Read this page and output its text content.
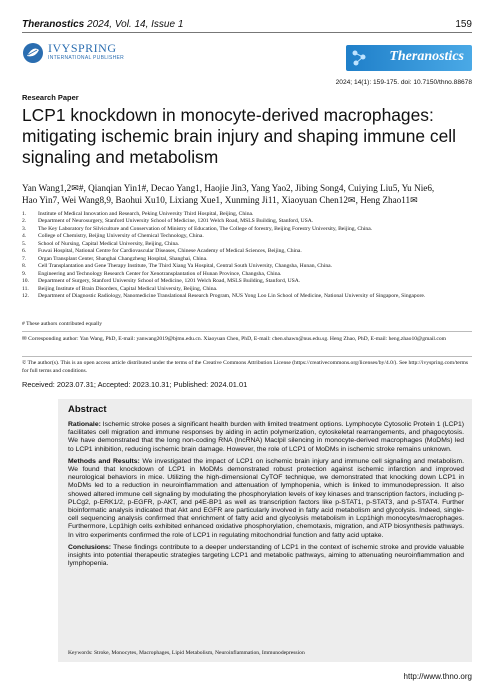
Theranostics 2024, Vol. 14, Issue 1	159
IVYSPRING
INTERNATIONAL PUBLISHER	Theranostics
2024; 14(1): 159-175. doi: 10.7150/thno.88678
Research Paper
LCP1 knockdown in monocyte-derived macrophages: mitigating ischemic brain injury and shaping immune cell signaling and metabolism
Yan Wang1,2✉#, Qianqian Yin1#, Decao Yang1, Haojie Jin3, Yang Yao2, Jibing Song4, Cuiying Liu5, Yu Nie6,
Hao Yin7, Wei Wang8,9, Baohui Xu10, Lixiang Xue1, Xunming Ji11, Xiaoyuan Chen12✉, Heng Zhao11✉
1.	Institute of Medical Innovation and Research, Peking University Third Hospital, Beijing, China.
2.	Department of Neurosurgery, Stanford University School of Medicine, 1201 Welch Road, MSLS Building, Stanford, USA.
3.	The Key Laboratory for Silviculture and Conservation of Ministry of Education, The College of forestry, Beijing Forestry University, Beijing, China.
4.	College of Chemistry, Beijing University of Chemical Technology, China.
5.	School of Nursing, Capital Medical University, Beijing, China.
6.	Fuwai Hospital, National Centre for Cardiovascular Diseases, Chinese Academy of Medical Sciences, Beijing, China.
7.	Organ Transplant Center, Shanghai Changzheng Hospital, Shanghai, China.
8.	Cell Transplantation and Gene Therapy Institute, The Third Xiang Ya Hospital, Central South University, Changsha, Hunan, China.
9.	Engineering and Technology Research Center for Xenotransplantation of Hunan Province, Changsha, China.
10.	Department of Surgery, Stanford University School of Medicine, 1201 Welch Road, MSLS Building, Stanford, USA.
11.	Beijing Institute of Brain Disorders, Capital Medical University, Beijing, China.
12.	Department of Diagnostic Radiology, Nanomedicine Translational Research Program, NUS Yong Loo Lin School of Medicine, National University of Singapore, Singapore.
# These authors contributed equally
✉ Corresponding author: Yan Wang, PhD, E-mail: yanwang2019@bjmu.edu.cn. Xiaoyuan Chen, PhD, E-mail: chen.shawn@nus.edu.sg. Heng Zhao, PhD, E-mail: heng.zhao10@gmail.com
© The author(s). This is an open access article distributed under the terms of the Creative Commons Attribution License (https://creativecommons.org/licenses/by/4.0/). See http://ivyspring.com/terms for full terms and conditions.
Received: 2023.07.31; Accepted: 2023.10.31; Published: 2024.01.01
Abstract

Rationale: Ischemic stroke poses a significant health burden with limited treatment options. Lymphocyte Cytosolic Protein 1 (LCP1) facilitates cell migration and immune responses by aiding in actin polymerization, cytoskeletal rearrangements, and phagocytosis. We have demonstrated that the long non-coding RNA (lncRNA) Maclpil silencing in monocyte-derived macrophages (MoDMs) led to LCP1 inhibition, reducing ischemic brain damage. However, the role of LCP1 of MoDMs in ischemic stroke remains unknown.

Methods and Results: We investigated the impact of LCP1 on ischemic brain injury and immune cell signaling and metabolism. We found that knockdown of LCP1 in MoDMs demonstrated robust protection against ischemic infarction and improved neurological behaviors in mice. Utilizing the high-dimensional CyTOF technique, we demonstrated that knocking down LCP1 in MoDMs led to a reduction in neuroinflammation and attenuation of lymphopenia, which is linked to immunodepression. It also showed altered immune cell signaling by modulating the phosphorylation levels of key kinases and transcription factors, including p-PLCg2, p-ERK1/2, p-EGFR, p-AKT, and p4E-BP1 as well as transcription factors like p-STAT1, p-STAT3, and p-STAT4. Further bioinformatic analysis indicated that Akt and EGFR are particularly involved in fatty acid metabolism and glycolysis. Indeed, single-cell sequencing analysis confirmed that enrichment of fatty acid and glycolysis metabolism in Lcp1high monocytes/macrophages. Furthermore, Lcp1high cells exhibited enhanced oxidative phosphorylation, chemotaxis, migration, and ATP biosynthesis pathways. In vitro experiments confirmed the role of LCP1 in regulating mitochondrial function and fatty acid uptake.

Conclusions: These findings contribute to a deeper understanding of LCP1 in the context of ischemic stroke and provide valuable insights into potential therapeutic strategies targeting LCP1 and metabolic pathways, aiming to attenuating neuroinflammation and lymphopenia.

Keywords: Stroke, Monocytes, Macrophages, Lipid Metabolism, Neuroinflammation, Immunodepression
http://www.thno.org
